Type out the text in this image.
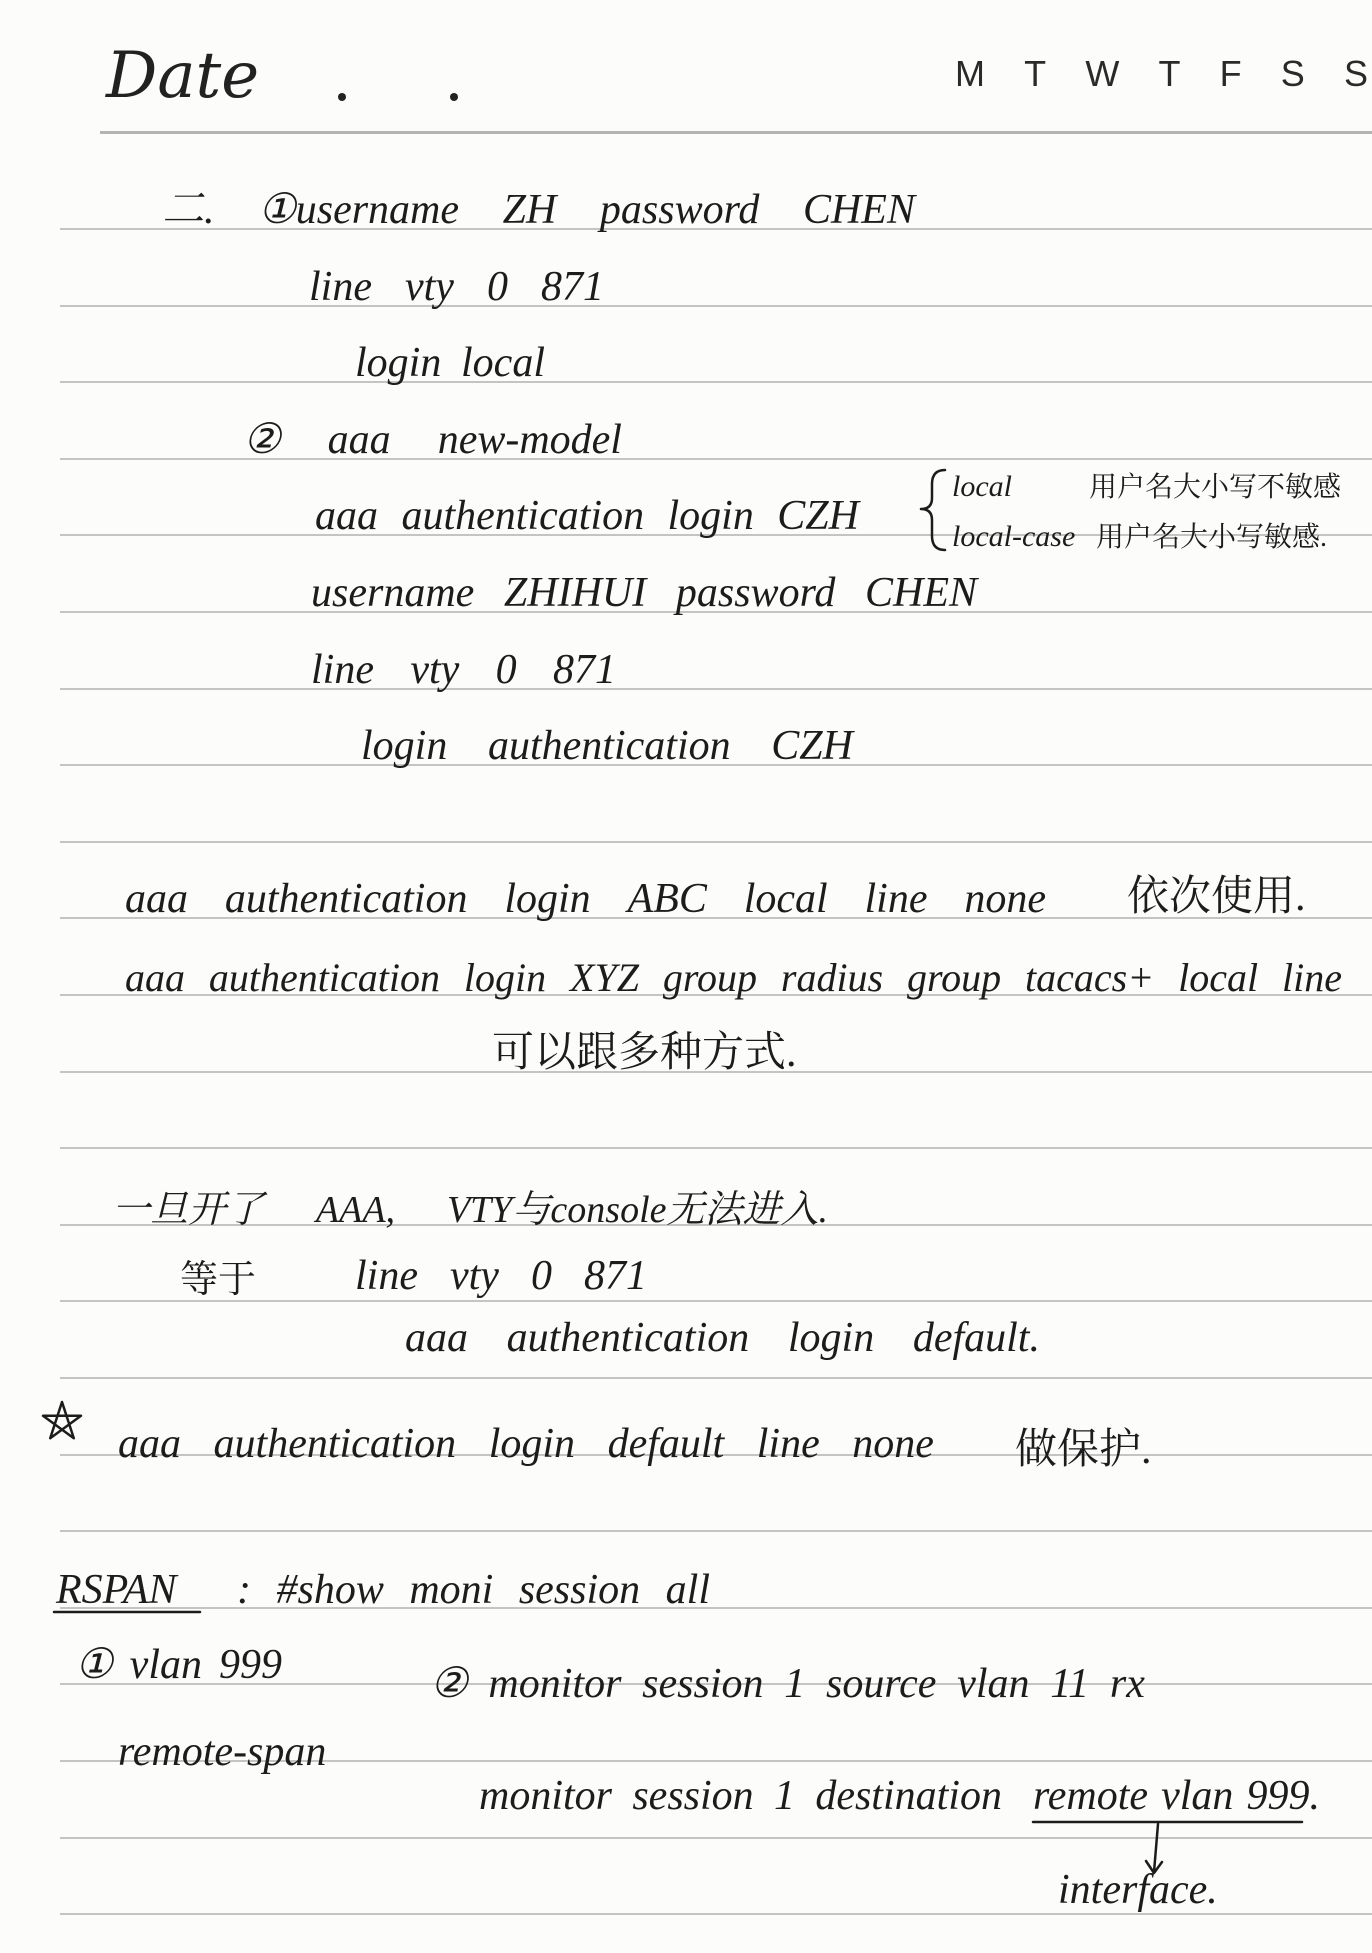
Date	M T W T F S S
二. ①username ZH password CHEN
line vty 0 871
login local
② aaa new-model
aaa authentication login CZH
local	用户名大小写不敏感
local-case 用户名大小写敏感.
username ZHIHUI password CHEN
line vty 0 871
login authentication CZH
aaa authentication login ABC local line none 依次使用.
aaa authentication login XYZ group radius group tacacs+ local line
可以跟多种方式.
一旦开了 AAA, VTY与console无法进入.
等于 line vty 0 871
aaa authentication login default.
aaa authentication login default line none 做保护.
RSPAN : #show moni session all
① vlan 999	② monitor session 1 source vlan 11 rx
remote-span
monitor session 1 destination remote vlan 999.
interface.
